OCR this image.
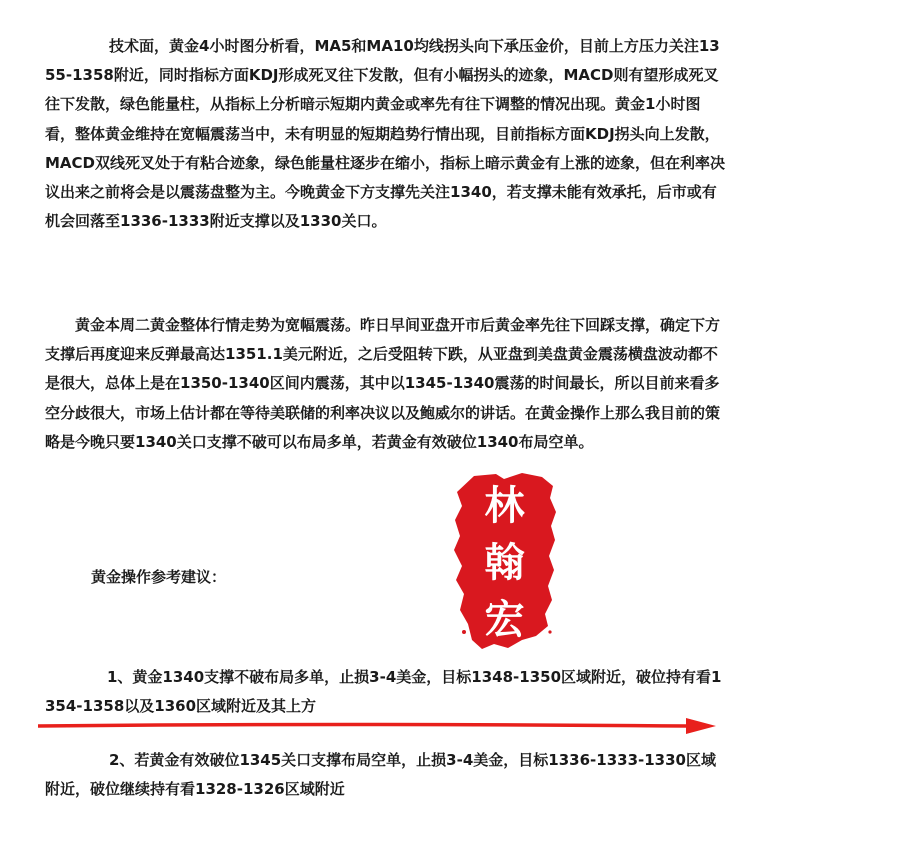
技术面，黄金4小时图分析看，MA5和MA10均线拐头向下承压金价，目前上方压力关注1355-1358附近，同时指标方面KDJ形成死叉往下发散，但有小幅拐头的迹象，MACD则有望形成死叉往下发散，绿色能量柱，从指标上分析暗示短期内黄金或率先有往下调整的情况出现。黄金1小时图看，整体黄金维持在宽幅震荡当中，未有明显的短期趋势行情出现，目前指标方面KDJ拐头向上发散，MACD双线死叉处于有粘合迹象，绿色能量柱逐步在缩小，指标上暗示黄金有上涨的迹象，但在利率决议出来之前将会是以震荡盘整为主。今晚黄金下方支撑先关注1340，若支撑未能有效承托，后市或有机会回落至1336-1333附近支撑以及1330关口。

黄金本周二黄金整体行情走势为宽幅震荡。昨日早间亚盘开市后黄金率先往下回踩支撑，确定下方支撑后再度迎来反弹最高达1351.1美元附近，之后受阻转下跌，从亚盘到美盘黄金震荡横盘波动都不是很大，总体上是在1350-1340区间内震荡，其中以1345-1340震荡的时间最长，所以目前来看多空分歧很大，市场上估计都在等待美联储的利率决议以及鲍威尔的讲话。在黄金操作上那么我目前的策略是今晚只要1340关口支撑不破可以布局多单，若黄金有效破位1340布局空单。

黄金操作参考建议：

1、黄金1340支撑不破布局多单，止损3-4美金，目标1348-1350区域附近，破位持有看1354-1358以及1360区域附近及其上方

2、若黄金有效破位1345关口支撑布局空单，止损3-4美金，目标1336-1333-1330区域附近，破位继续持有看1328-1326区域附近

林
翰
宏
